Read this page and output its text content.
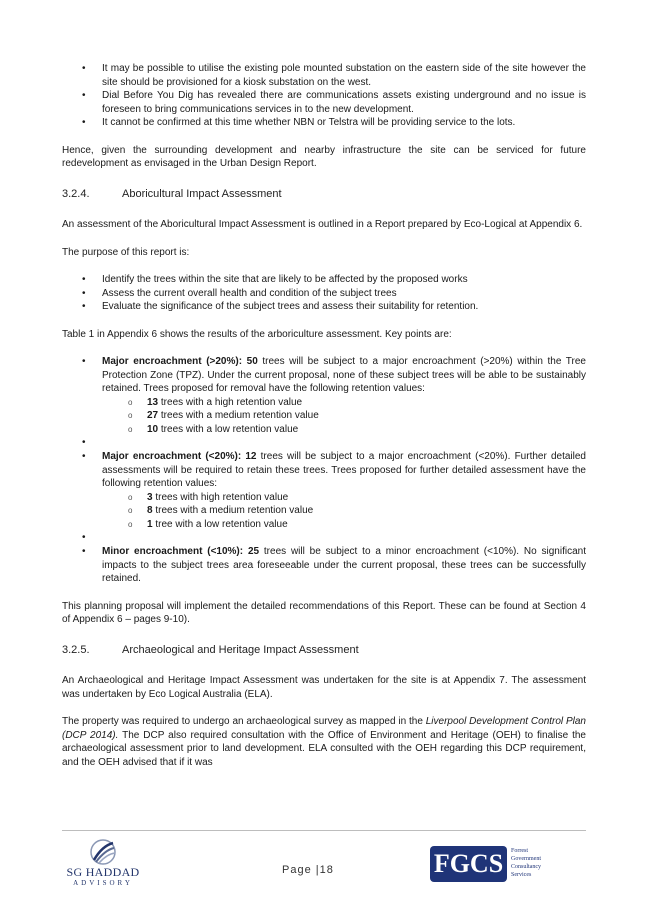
• It may be possible to utilise the existing pole mounted substation on the eastern side of the site however the site should be provisioned for a kiosk substation on the west.
• Dial Before You Dig has revealed there are communications assets existing underground and no issue is foreseen to bring communications services in to the new development.
• It cannot be confirmed at this time whether NBN or Telstra will be providing service to the lots.

Hence, given the surrounding development and nearby infrastructure the site can be serviced for future redevelopment as envisaged in the Urban Design Report.

3.2.4.	Aboricultural Impact Assessment

An assessment of the Aboricultural Impact Assessment is outlined in a Report prepared by Eco-Logical at Appendix 6.

The purpose of this report is:

• Identify the trees within the site that are likely to be affected by the proposed works
• Assess the current overall health and condition of the subject trees
• Evaluate the significance of the subject trees and assess their suitability for retention.

Table 1 in Appendix 6 shows the results of the arboriculture assessment. Key points are:

• Major encroachment (>20%): 50 trees will be subject to a major encroachment (>20%) within the Tree Protection Zone (TPZ). Under the current proposal, none of these subject trees will be able to be sustainably retained. Trees proposed for removal have the following retention values:
o 13 trees with a high retention value
o 27 trees with a medium retention value
o 10 trees with a low retention value
•
• Major encroachment (<20%): 12 trees will be subject to a major encroachment (<20%). Further detailed assessments will be required to retain these trees. Trees proposed for further detailed assessment have the following retention values:
o 3 trees with high retention value
o 8 trees with a medium retention value
o 1 tree with a low retention value
•
• Minor encroachment (<10%): 25 trees will be subject to a minor encroachment (<10%). No significant impacts to the subject trees area foreseeable under the current proposal, these trees can be successfully retained.

This planning proposal will implement the detailed recommendations of this Report. These can be found at Section 4 of Appendix 6 – pages 9-10).

3.2.5.	Archaeological and Heritage Impact Assessment

An Archaeological and Heritage Impact Assessment was undertaken for the site is at Appendix 7. The assessment was undertaken by Eco Logical Australia (ELA).

The property was required to undergo an archaeological survey as mapped in the Liverpool Development Control Plan (DCP 2014). The DCP also required consultation with the Office of Environment and Heritage (OEH) to finalise the archaeological assessment prior to land development. ELA consulted with the OEH regarding this DCP requirement, and the OEH advised that if it was

SG HADDAD
ADVISORY
Page |18	FGCS	Forrest
Government
Consultancy
Services
